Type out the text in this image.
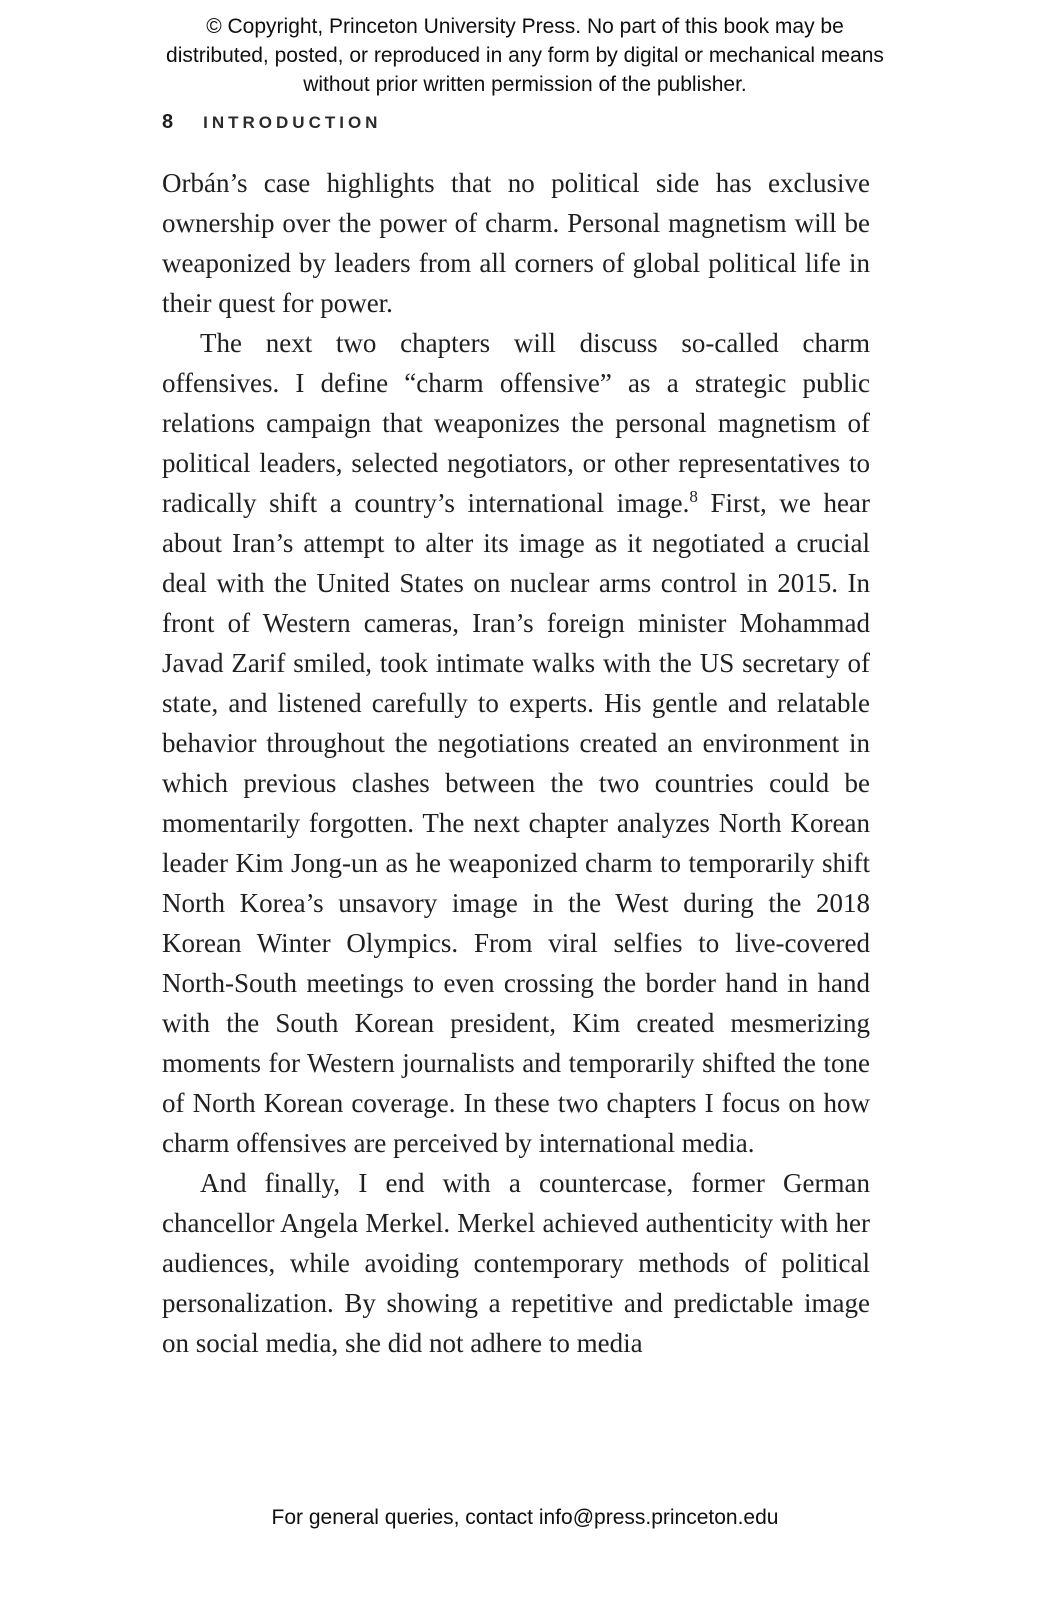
© Copyright, Princeton University Press. No part of this book may be distributed, posted, or reproduced in any form by digital or mechanical means without prior written permission of the publisher.
8 INTRODUCTION

Orbán’s case highlights that no political side has exclusive ownership over the power of charm. Personal magnetism will be weaponized by leaders from all corners of global political life in their quest for power.

The next two chapters will discuss so-called charm offensives. I define “charm offensive” as a strategic public relations campaign that weaponizes the personal magnetism of political leaders, selected negotiators, or other representatives to radically shift a country’s international image.$^8$ First, we hear about Iran’s attempt to alter its image as it negotiated a crucial deal with the United States on nuclear arms control in 2015. In front of Western cameras, Iran’s foreign minister Mohammad Javad Zarif smiled, took intimate walks with the US secretary of state, and listened carefully to experts. His gentle and relatable behavior throughout the negotiations created an environment in which previous clashes between the two countries could be momentarily forgotten. The next chapter analyzes North Korean leader Kim Jong-un as he weaponized charm to temporarily shift North Korea’s unsavory image in the West during the 2018 Korean Winter Olympics. From viral selfies to live-covered North-South meetings to even crossing the border hand in hand with the South Korean president, Kim created mesmerizing moments for Western journalists and temporarily shifted the tone of North Korean coverage. In these two chapters I focus on how charm offensives are perceived by international media.

And finally, I end with a countercase, former German chancellor Angela Merkel. Merkel achieved authenticity with her audiences, while avoiding contemporary methods of political personalization. By showing a repetitive and predictable image on social media, she did not adhere to media

For general queries, contact info@press.princeton.edu
